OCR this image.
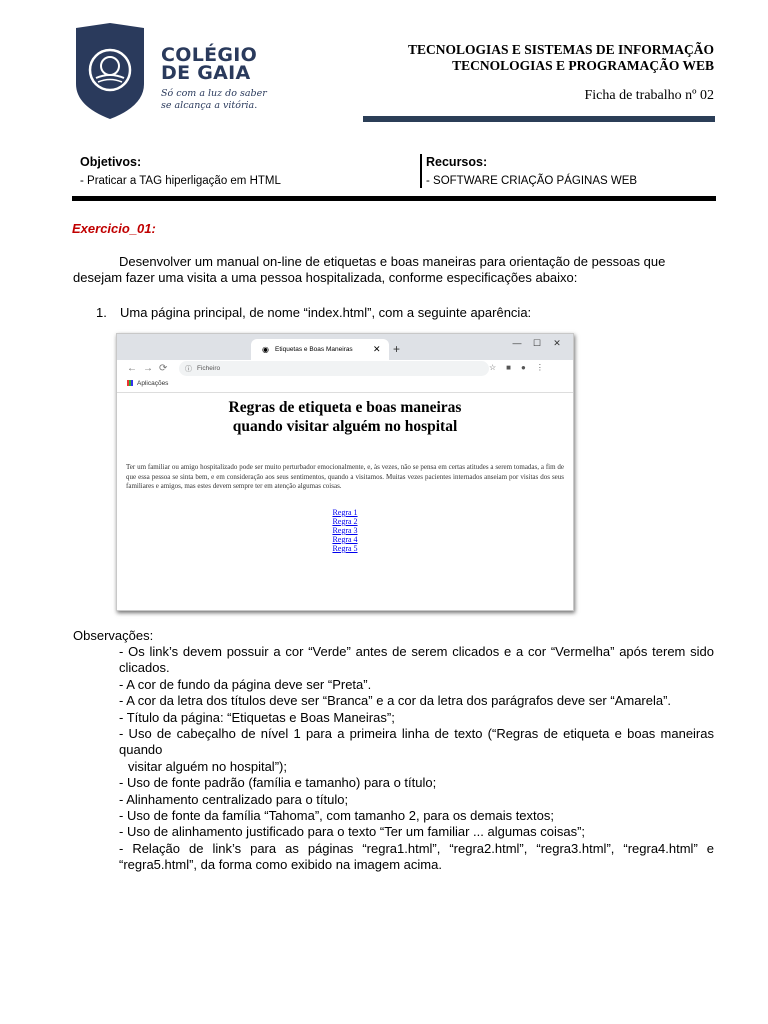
COLÉGIO
DE GAIA
Só com a luz do saber
se alcança a vitória.
TECNOLOGIAS E SISTEMAS DE INFORMAÇÃO
TECNOLOGIAS E PROGRAMAÇÃO WEB
Ficha de trabalho nº 02
Objetivos:
- Praticar a TAG hiperligação em HTML
Recursos:
- SOFTWARE CRIAÇÃO PÁGINAS WEB
Exercicio_01:
Desenvolver um manual on-line de etiquetas e boas maneiras para orientação de pessoas que desejam fazer uma visita a uma pessoa hospitalizada, conforme especificações abaixo:
1. Uma página principal, de nome “index.html”, com a seguinte aparência:
◉ Etiquetas e Boas Maneiras ✕ +	— ☐ ✕
←→⟳ ⓘ Ficheiro	☆■●⋮
Aplicações
Regras de etiqueta e boas maneiras
quando visitar alguém no hospital
Ter um familiar ou amigo hospitalizado pode ser muito perturbador emocionalmente, e, às vezes, não se pensa em certas atitudes a serem tomadas, a fim de que essa pessoa se sinta bem, e em consideração aos seus sentimentos, quando a visitamos. Muitas vezes pacientes internados anseiam por visitas dos seus familiares e amigos, mas estes devem sempre ter em atenção algumas coisas.
Regra 1
Regra 2
Regra 3
Regra 4
Regra 5
Observações:
- Os link’s devem possuir a cor “Verde” antes de serem clicados e a cor “Vermelha” após terem sido clicados.
- A cor de fundo da página deve ser “Preta”.
- A cor da letra dos títulos deve ser “Branca” e a cor da letra dos parágrafos deve ser “Amarela”.
- Título da página: “Etiquetas e Boas Maneiras”;
- Uso de cabeçalho de nível 1 para a primeira linha de texto (“Regras de etiqueta e boas maneiras quando
visitar alguém no hospital”);
- Uso de fonte padrão (família e tamanho) para o título;
- Alinhamento centralizado para o título;
- Uso de fonte da família “Tahoma”, com tamanho 2, para os demais textos;
- Uso de alinhamento justificado para o texto “Ter um familiar ... algumas coisas”;
- Relação de link’s para as páginas “regra1.html”, “regra2.html”, “regra3.html”, “regra4.html” e “regra5.html”, da forma como exibido na imagem acima.
